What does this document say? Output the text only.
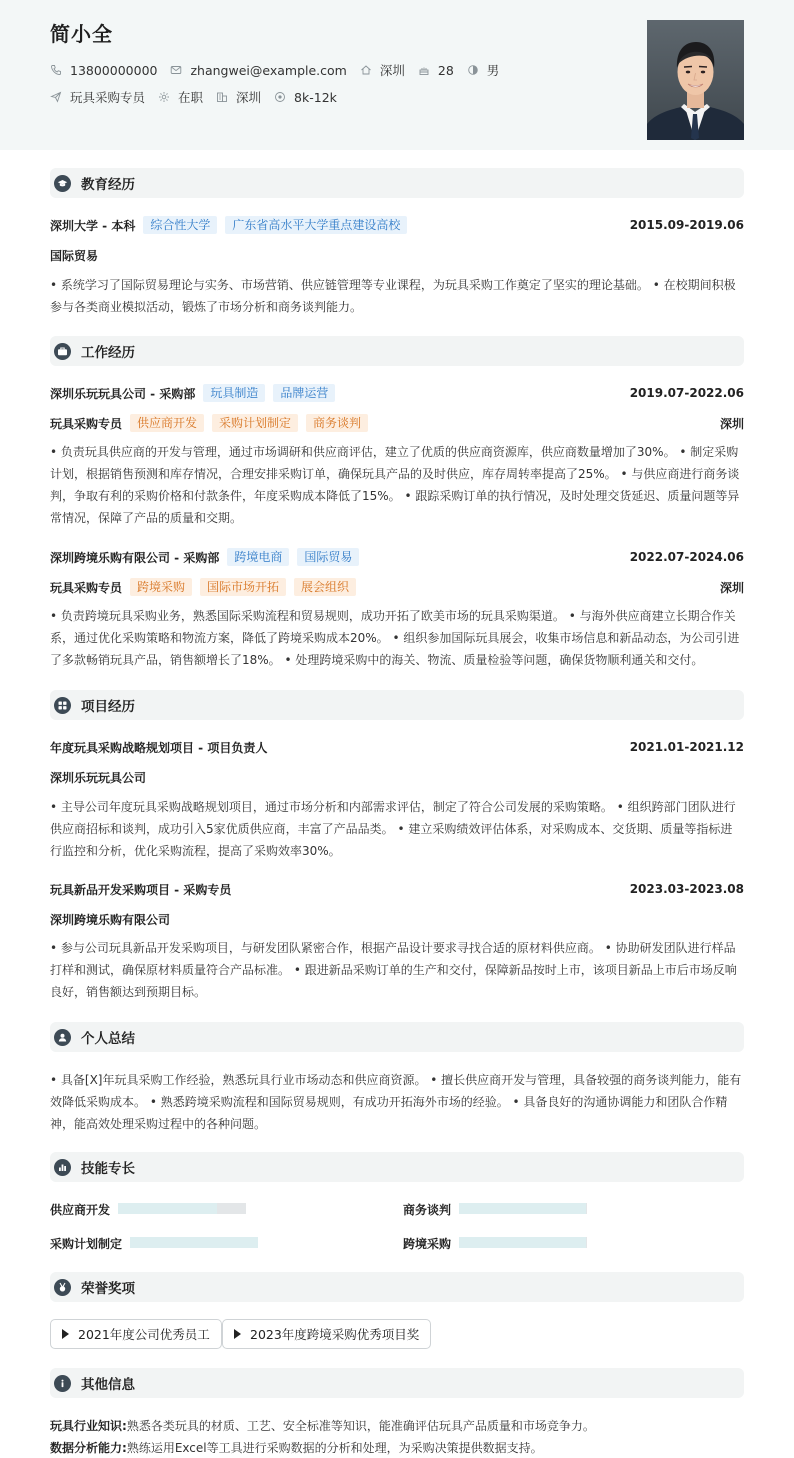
简小全
13800000000	zhangwei@example.com	深圳	28	男
玩具采购专员	在职	深圳	8k-12k
教育经历
深圳大学 - 本科	综合性大学	广东省高水平大学重点建设高校	2015.09-2019.06
国际贸易
• 系统学习了国际贸易理论与实务、市场营销、供应链管理等专业课程，为玩具采购工作奠定了坚实的理论基础。 • 在校期间积极参与各类商业模拟活动，锻炼了市场分析和商务谈判能力。
工作经历
深圳乐玩玩具公司 - 采购部	玩具制造	品牌运营	2019.07-2022.06
玩具采购专员	供应商开发	采购计划制定	商务谈判	深圳
• 负责玩具供应商的开发与管理，通过市场调研和供应商评估，建立了优质的供应商资源库，供应商数量增加了30%。 • 制定采购计划，根据销售预测和库存情况，合理安排采购订单，确保玩具产品的及时供应，库存周转率提高了25%。 • 与供应商进行商务谈判，争取有利的采购价格和付款条件，年度采购成本降低了15%。 • 跟踪采购订单的执行情况，及时处理交货延迟、质量问题等异常情况，保障了产品的质量和交期。
深圳跨境乐购有限公司 - 采购部	跨境电商	国际贸易	2022.07-2024.06
玩具采购专员	跨境采购	国际市场开拓	展会组织	深圳
• 负责跨境玩具采购业务，熟悉国际采购流程和贸易规则，成功开拓了欧美市场的玩具采购渠道。 • 与海外供应商建立长期合作关系，通过优化采购策略和物流方案，降低了跨境采购成本20%。 • 组织参加国际玩具展会，收集市场信息和新品动态，为公司引进了多款畅销玩具产品，销售额增长了18%。 • 处理跨境采购中的海关、物流、质量检验等问题，确保货物顺利通关和交付。
项目经历
年度玩具采购战略规划项目 - 项目负责人	2021.01-2021.12
深圳乐玩玩具公司
• 主导公司年度玩具采购战略规划项目，通过市场分析和内部需求评估，制定了符合公司发展的采购策略。 • 组织跨部门团队进行供应商招标和谈判，成功引入5家优质供应商，丰富了产品品类。 • 建立采购绩效评估体系，对采购成本、交货期、质量等指标进行监控和分析，优化采购流程，提高了采购效率30%。
玩具新品开发采购项目 - 采购专员	2023.03-2023.08
深圳跨境乐购有限公司
• 参与公司玩具新品开发采购项目，与研发团队紧密合作，根据产品设计要求寻找合适的原材料供应商。 • 协助研发团队进行样品打样和测试，确保原材料质量符合产品标准。 • 跟进新品采购订单的生产和交付，保障新品按时上市，该项目新品上市后市场反响良好，销售额达到预期目标。
个人总结
• 具备[X]年玩具采购工作经验，熟悉玩具行业市场动态和供应商资源。 • 擅长供应商开发与管理，具备较强的商务谈判能力，能有效降低采购成本。 • 熟悉跨境采购流程和国际贸易规则，有成功开拓海外市场的经验。 • 具备良好的沟通协调能力和团队合作精神，能高效处理采购过程中的各种问题。
技能专长
供应商开发	商务谈判
采购计划制定	跨境采购
荣誉奖项
2021年度公司优秀员工	2023年度跨境采购优秀项目奖
其他信息
玩具行业知识:熟悉各类玩具的材质、工艺、安全标准等知识，能准确评估玩具产品质量和市场竞争力。
数据分析能力:熟练运用Excel等工具进行采购数据的分析和处理，为采购决策提供数据支持。
